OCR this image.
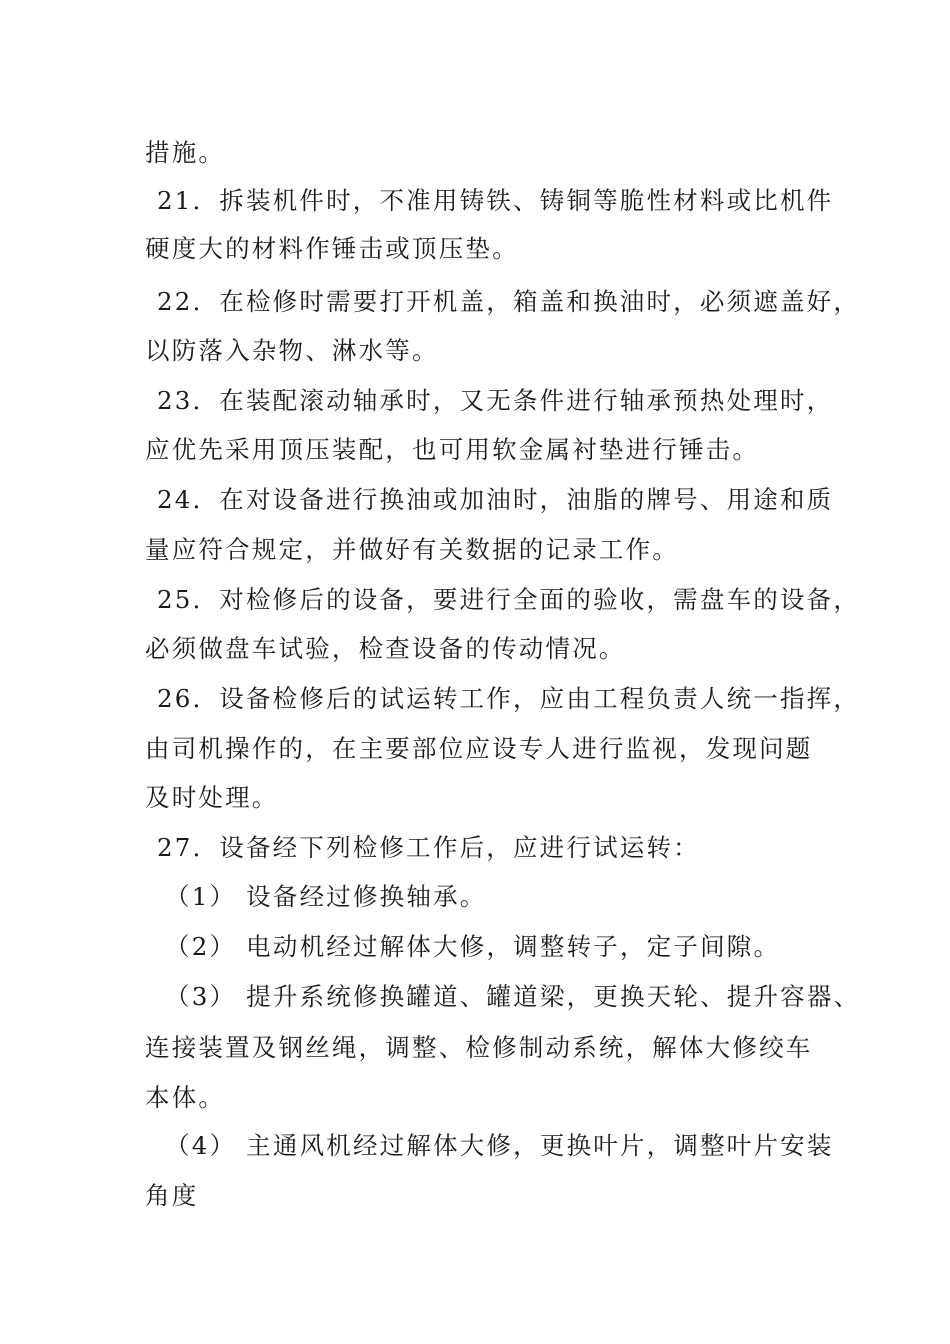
措施。
21．拆装机件时，不准用铸铁、铸铜等脆性材料或比机件
硬度大的材料作锤击或顶压垫。
22．在检修时需要打开机盖，箱盖和换油时，必须遮盖好，
以防落入杂物、淋水等。
23．在装配滚动轴承时，又无条件进行轴承预热处理时，
应优先采用顶压装配，也可用软金属衬垫进行锤击。
24．在对设备进行换油或加油时，油脂的牌号、用途和质
量应符合规定，并做好有关数据的记录工作。
25．对检修后的设备，要进行全面的验收，需盘车的设备，
必须做盘车试验，检查设备的传动情况。
26．设备检修后的试运转工作，应由工程负责人统一指挥，
由司机操作的，在主要部位应设专人进行监视，发现问题
及时处理。
27．设备经下列检修工作后，应进行试运转：
（1） 设备经过修换轴承。
（2） 电动机经过解体大修，调整转子，定子间隙。
（3） 提升系统修换罐道、罐道梁，更换天轮、提升容器、
连接装置及钢丝绳，调整、检修制动系统，解体大修绞车
本体。
（4） 主通风机经过解体大修，更换叶片，调整叶片安装
角度
